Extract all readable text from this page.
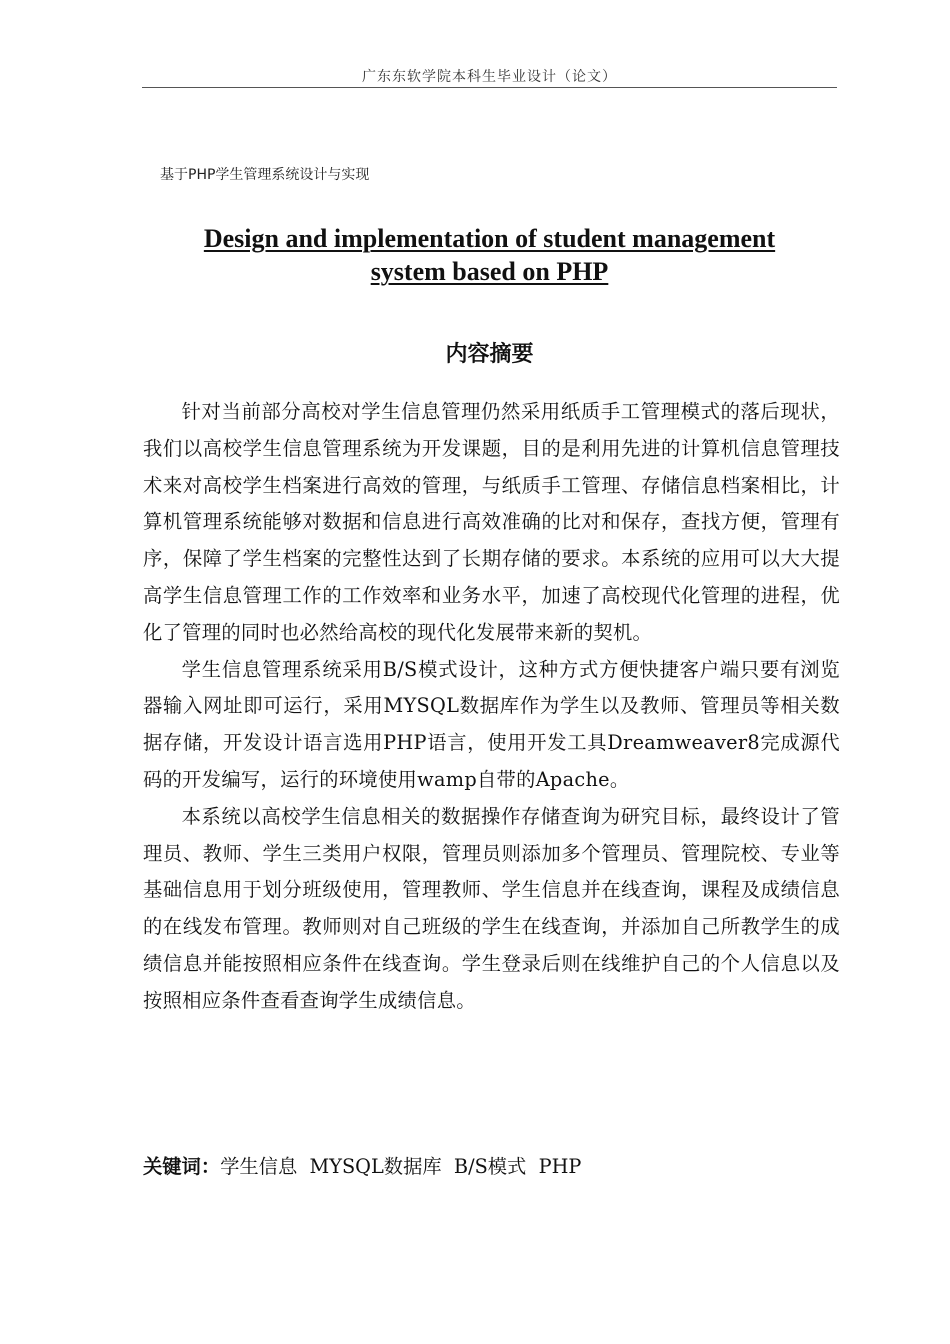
广东东软学院本科生毕业设计（论文）
基于PHP学生管理系统设计与实现
Design and implementation of student management
system based on PHP
内容摘要

针对当前部分高校对学生信息管理仍然采用纸质手工管理模式的落后现状，我们以高校学生信息管理系统为开发课题，目的是利用先进的计算机信息管理技术来对高校学生档案进行高效的管理，与纸质手工管理、存储信息档案相比，计算机管理系统能够对数据和信息进行高效准确的比对和保存，查找方便，管理有序，保障了学生档案的完整性达到了长期存储的要求。本系统的应用可以大大提高学生信息管理工作的工作效率和业务水平，加速了高校现代化管理的进程，优化了管理的同时也必然给高校的现代化发展带来新的契机。

学生信息管理系统采用B/S模式设计，这种方式方便快捷客户端只要有浏览器输入网址即可运行，采用MYSQL数据库作为学生以及教师、管理员等相关数据存储，开发设计语言选用PHP语言，使用开发工具Dreamweaver8完成源代码的开发编写，运行的环境使用wamp自带的Apache。

本系统以高校学生信息相关的数据操作存储查询为研究目标，最终设计了管理员、教师、学生三类用户权限，管理员则添加多个管理员、管理院校、专业等基础信息用于划分班级使用，管理教师、学生信息并在线查询，课程及成绩信息的在线发布管理。教师则对自己班级的学生在线查询，并添加自己所教学生的成绩信息并能按照相应条件在线查询。学生登录后则在线维护自己的个人信息以及按照相应条件查看查询学生成绩信息。

关键词：学生信息  MYSQL数据库  B/S模式  PHP
